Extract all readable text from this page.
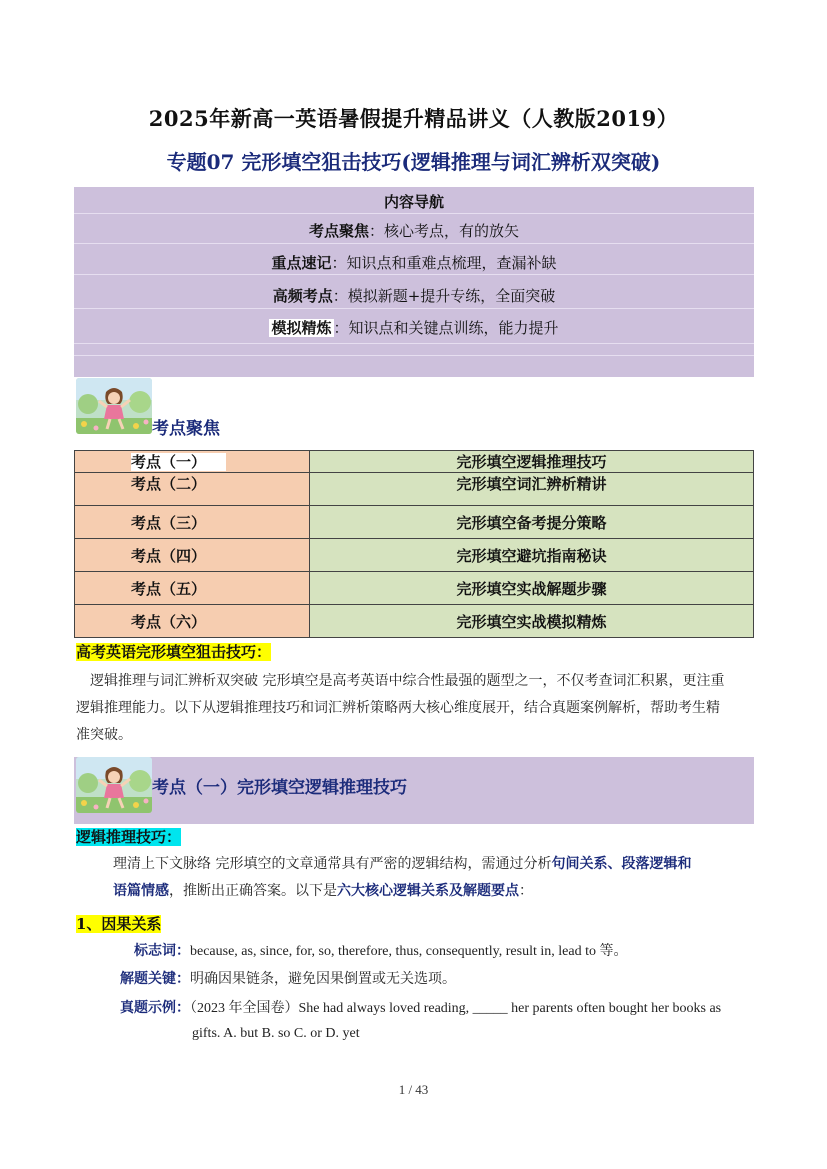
2025年新高一英语暑假提升精品讲义（人教版2019）
专题07 完形填空狙击技巧(逻辑推理与词汇辨析双突破)
内容导航
考点聚焦：核心考点，有的放矢
重点速记：知识点和重难点梳理，查漏补缺
高频考点：模拟新题+提升专练，全面突破
模拟精炼 ：知识点和关键点训练，能力提升
考点聚焦
考点（一）	完形填空逻辑推理技巧
考点（二）	完形填空词汇辨析精讲
考点（三）	完形填空备考提分策略
考点（四）	完形填空避坑指南秘诀
考点（五）	完形填空实战解题步骤
考点（六）	完形填空实战模拟精炼
高考英语完形填空狙击技巧：
逻辑推理与词汇辨析双突破 完形填空是高考英语中综合性最强的题型之一，不仅考查词汇积累，更注重
逻辑推理能力。以下从逻辑推理技巧和词汇辨析策略两大核心维度展开，结合真题案例解析，帮助考生精
准突破。
考点（一）完形填空逻辑推理技巧
逻辑推理技巧：
理清上下文脉络 完形填空的文章通常具有严密的逻辑结构，需通过分析句间关系、段落逻辑和
语篇情感，推断出正确答案。以下是六大核心逻辑关系及解题要点：
1、因果关系
标志词：because, as, since, for, so, therefore, thus, consequently, result in, lead to 等。
解题关键：明确因果链条，避免因果倒置或无关选项。
真题示例：（2023 年全国卷）She had always loved reading, _____ her parents often bought her books as
gifts. A. but B. so C. or D. yet
1 / 43
